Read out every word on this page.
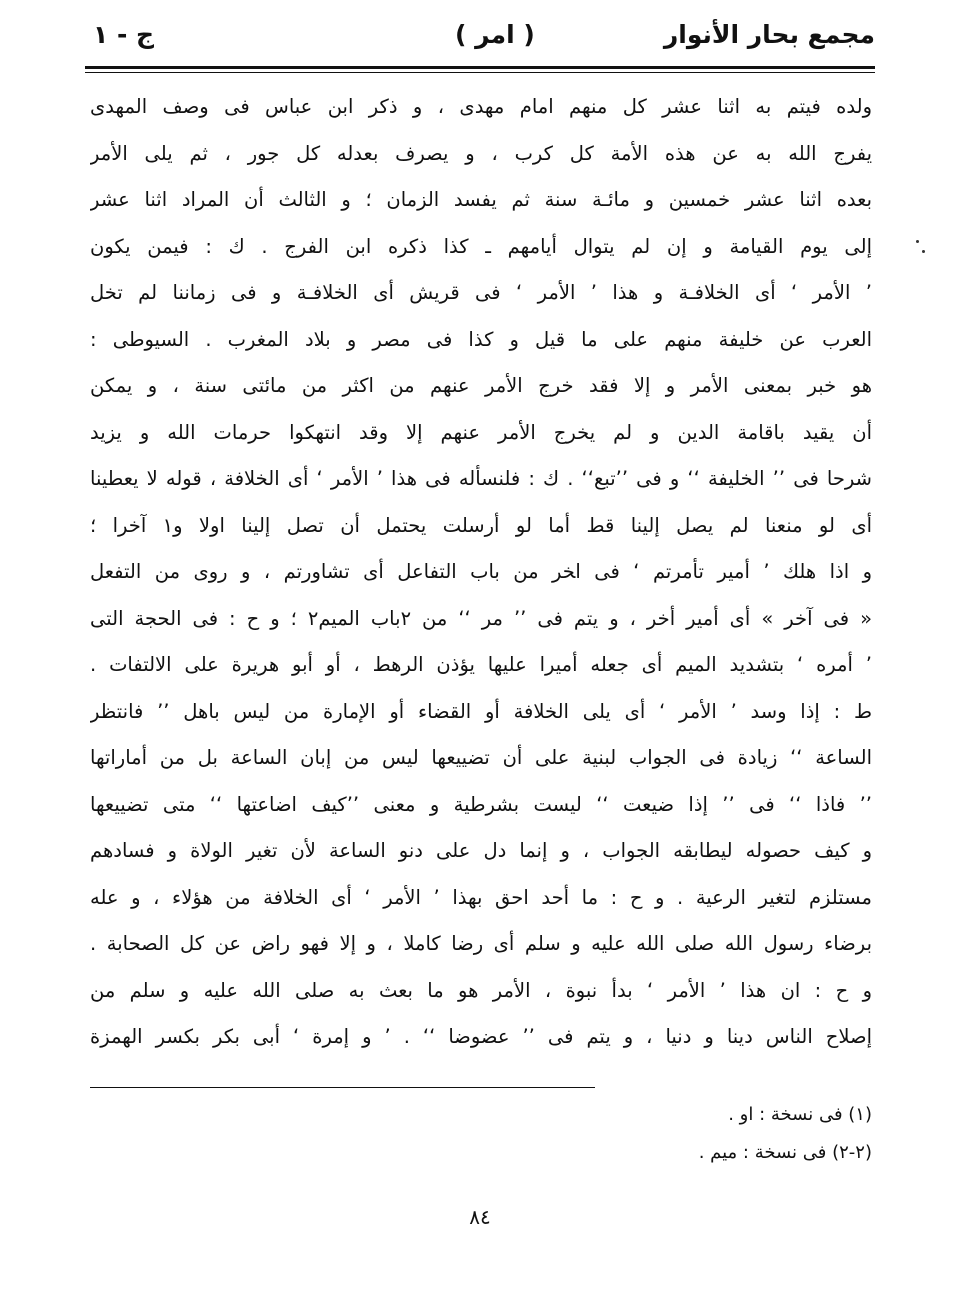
مجمع بحار الأنوار
( امر )
ج - ١
ولده فيتم به اثنا عشر كل منهم امام مهدى ، و ذكر ابن عباس فى وصف المهدى
يفرج الله به عن هذه الأمة كل كرب ، و يصرف بعدله كل جور ، ثم يلى الأمر
بعده اثنا عشر خمسين و مائـة سنة ثم يفسد الزمان ؛ و الثالث أن المراد اثنا عشر
إلى يوم القيامة و إن لم يتوال أيامهم ـ كذا ذكره ابن الفرج . ك : فيمن يكون
’ الأمر ‘ أى الخلافـة و هذا ’ الأمر ‘ فى قريش أى الخلافـة و فى زماننا لم تخل
العرب عن خليفة منهم على ما قيل و كذا فى مصر و بلاد المغرب . السيوطى :
هو خبر بمعنى الأمر و إلا فقد خرج الأمر عنهم من اكثر من مائتى سنة ، و يمكن
أن يقيد باقامة الدين و لم يخرج الأمر عنهم إلا وقد انتهكوا حرمات الله و يزيد
شرحا فى ’’ الخليفة ‘‘ و فى ’’تبع‘‘ . ك : فلنسأله فى هذا ’ الأمر ‘ أى الخلافة ، قوله لا يعطينا
أى لو منعنا لم يصل إلينا قط أما لو أرسلت يحتمل أن تصل إلينا اولا و١ آخرا ؛
و اذا هلك ’ أمير تأمرتم ‘ فى ا‍خر من باب التفاعل أى تشاورتم ، و روى من التفعل
« فى آخر » أى أمير أخر ، و يتم فى ’’ مر ‘‘ من ٢باب الميم٢ ؛ و ح : فى الحجة التى
’ أمره ‘ بتشديد الميم أى جعله أميرا عليها يؤذن الرهط ، أو أبو هريرة على الالتفات .
ط : إذا وسد ’ الأمر ‘ أى يلى الخلافة أو القضاء أو الإمارة من ليس باهل ’’ فانتظر
الساعة ‘‘ زيادة فى الجواب لبنية على أن تضييعها ليس من إبان الساعة بل من أماراتها
’’ فاذا ‘‘ فى ’’ إذا ضيعت ‘‘ ليست بشرطية و معنى ’’كيف اضاعتها ‘‘ متى تضييعها
و كيف حصوله ليطابقه الجواب ، و إنما دل على دنو الساعة لأن تغير الولاة و فسادهم
مستلزم لتغير الرعية . و ح : ما أحد احق بهذا ’ الأمر ‘ أى الخلافة من هؤلاء ، و عله
برضاء رسول الله صلى الله عليه و سلم أى رضا كاملا ، و إلا فهو راض عن كل الصحابة .
و ح : ان هذا ’ الأمر ‘ بدأ نبوة ، الأمر هو ما بعث به صلى الله عليه و سلم من
إصلاح الناس دينا و دنيا ، و يتم فى ’’ عضوضا ‘‘ . ’ و إمرة ‘ أبى بكر بكسر الهمزة
(١) فى نسخة : او .
(٢-٢) فى نسخة : ميم .
٨٤
